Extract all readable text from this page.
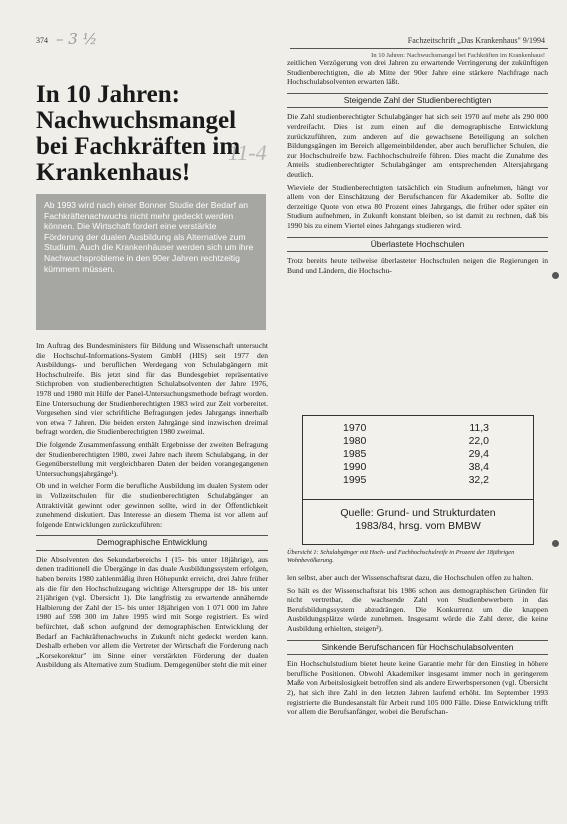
374 – 3 ½	Fachzeitschrift „Das Krankenhaus" 9/1994
In 10 Jahren: Nachwuchsmangel bei Fachkräften im Krankenhaus!
In 10 Jahren: Nachwuchsmangel bei Fachkräften im Krankenhaus!
11-4
Ab 1993 wird nach einer Bonner Studie der Bedarf an Fachkräftenachwuchs nicht mehr gedeckt werden können. Die Wirtschaft fordert eine verstärkte Förderung der dualen Ausbildung als Alternative zum Studium. Auch die Krankenhäuser werden sich um ihre Nachwuchsprobleme in den 90er Jahren rechtzeitig kümmern müssen.

Im Auftrag des Bundesministers für Bildung und Wissenschaft untersucht die Hochschul-Informations-System GmbH (HIS) seit 1977 den Ausbildungs- und beruflichen Werdegang von Schulabgängern mit Hochschulreife. Bis jetzt sind für das Bundesgebiet repräsentative Stichproben von studienberechtigten Schulabsolventen der Jahre 1976, 1978 und 1980 mit Hilfe der Panel-Untersuchungsmethode befragt worden. Eine Untersuchung der Studienberechtigten 1983 wird zur Zeit vorbereitet. Vorgesehen sind vier schriftliche Befragungen jedes Jahrgangs innerhalb von etwa 7 Jahren. Die beiden ersten Jahrgänge sind inzwischen dreimal befragt worden, die Studienberechtigten 1980 zweimal.

Die folgende Zusammenfassung enthält Ergebnisse der zweiten Befragung der Studienberechtigten 1980, zwei Jahre nach ihrem Schulabgang, in der Gegenüberstellung mit vergleichbaren Daten der beiden vorangegangenen Untersuchungsjahrgänge¹).

Ob und in welcher Form die berufliche Ausbildung im dualen System oder in Vollzeitschulen für die studienberechtigten Schulabgänger an Attraktivität gewinnt oder gewinnen sollte, wird in der Öffentlichkeit zunehmend diskutiert. Das Interesse an diesem Thema ist vor allem auf folgende Entwicklungen zurückzuführen:

Demographische Entwicklung

Die Absolventen des Sekundarbereichs I (15- bis unter 18jährige), aus denen traditionell die Übergänge in das duale Ausbildungssystem erfolgen, haben bereits 1980 zahlenmäßig ihren Höhepunkt erreicht, drei Jahre früher als die für den Hochschulzugang wichtige Altersgruppe der 18- bis unter 21jährigen (vgl. Übersicht 1). Die langfristig zu erwartende annähernde Halbierung der Zahl der 15- bis unter 18jährigen von 1 071 000 im Jahre 1980 auf 598 300 im Jahre 1995 wird mit Sorge registriert. Es wird befürchtet, daß schon aufgrund der demographischen Entwicklung der Bedarf an Fachkräftenachwuchs in Zukunft nicht gedeckt werden kann. Deshalb erheben vor allem die Vertreter der Wirtschaft die Forderung nach „Korsekorektur" im Sinne einer verstärkten Förderung der dualen Ausbildung als Alternative zum Studium. Demgegenüber steht die mit einer

zeitlichen Verzögerung von drei Jahren zu erwartende Verringerung der zukünftigen Studienberechtigten, die ab Mitte der 90er Jahre eine stärkere Nachfrage nach Hochschulabsolventen erwarten läßt.

Steigende Zahl der Studienberechtigten

Die Zahl studienberechtigter Schulabgänger hat sich seit 1970 auf mehr als 290 000 verdreifacht. Dies ist zum einen auf die demographische Entwicklung zurückzuführen, zum anderen auf die gewachsene Beteiligung an solchen Bildungsgängen im Bereich allgemeinbildender, aber auch beruflicher Schulen, die zur Hochschulreife bzw. Fachhochschulreife führen. Dies macht die Zunahme des Anteils studienberechtigter Schulabgänger am entsprechenden Altersjahrgang deutlich.

Wieviele der Studienberechtigten tatsächlich ein Studium aufnehmen, hängt vor allem von der Einschätzung der Berufschancen für Akademiker ab. Sollte die derzeitige Quote von etwa 80 Prozent eines Jahrgangs, die früher oder später ein Studium aufnehmen, in Zukunft konstant bleiben, so ist damit zu rechnen, daß bis 1990 bis zu einem Viertel eines Jahrgangs studieren wird.

Überlastete Hochschulen

Trotz bereits heute teilweise überlasteter Hochschulen neigen die Regierungen in Bund und Ländern, die Hochschu-

1970	11,3
1980	22,0
1985	29,4
1990	38,4
1995	32,2
Quelle: Grund- und Strukturdaten
1983/84, hrsg. vom BMBW
Übersicht 1: Schulabgänger mit Hoch- und Fachhochschulreife in Prozent der 18jährigen Wohnbevölkerung.

len selbst, aber auch der Wissenschaftsrat dazu, die Hochschulen offen zu halten.

So hält es der Wissenschaftsrat bis 1986 schon aus demographischen Gründen für nicht vertretbar, die wachsende Zahl von Studienbewerbern in das Berufsbildungssystem abzudrängen. Die Konkurrenz um die knappen Ausbildungsplätze würde zunehmen. Insgesamt würde die Zahl derer, die keine Ausbildung erhielten, steigen²).

Sinkende Berufschancen für Hochschulabsolventen

Ein Hochschulstudium bietet heute keine Garantie mehr für den Einstieg in höhere berufliche Positionen. Obwohl Akademiker insgesamt immer noch in geringerem Maße von Arbeitslosigkeit betroffen sind als andere Erwerbspersonen (vgl. Übersicht 2), hat sich ihre Zahl in den letzten Jahren laufend erhöht. Im September 1993 registrierte die Bundesanstalt für Arbeit rund 105 000 Fälle. Diese Entwicklung trifft vor allem die Berufsanfänger, wobei die Berufschan-
